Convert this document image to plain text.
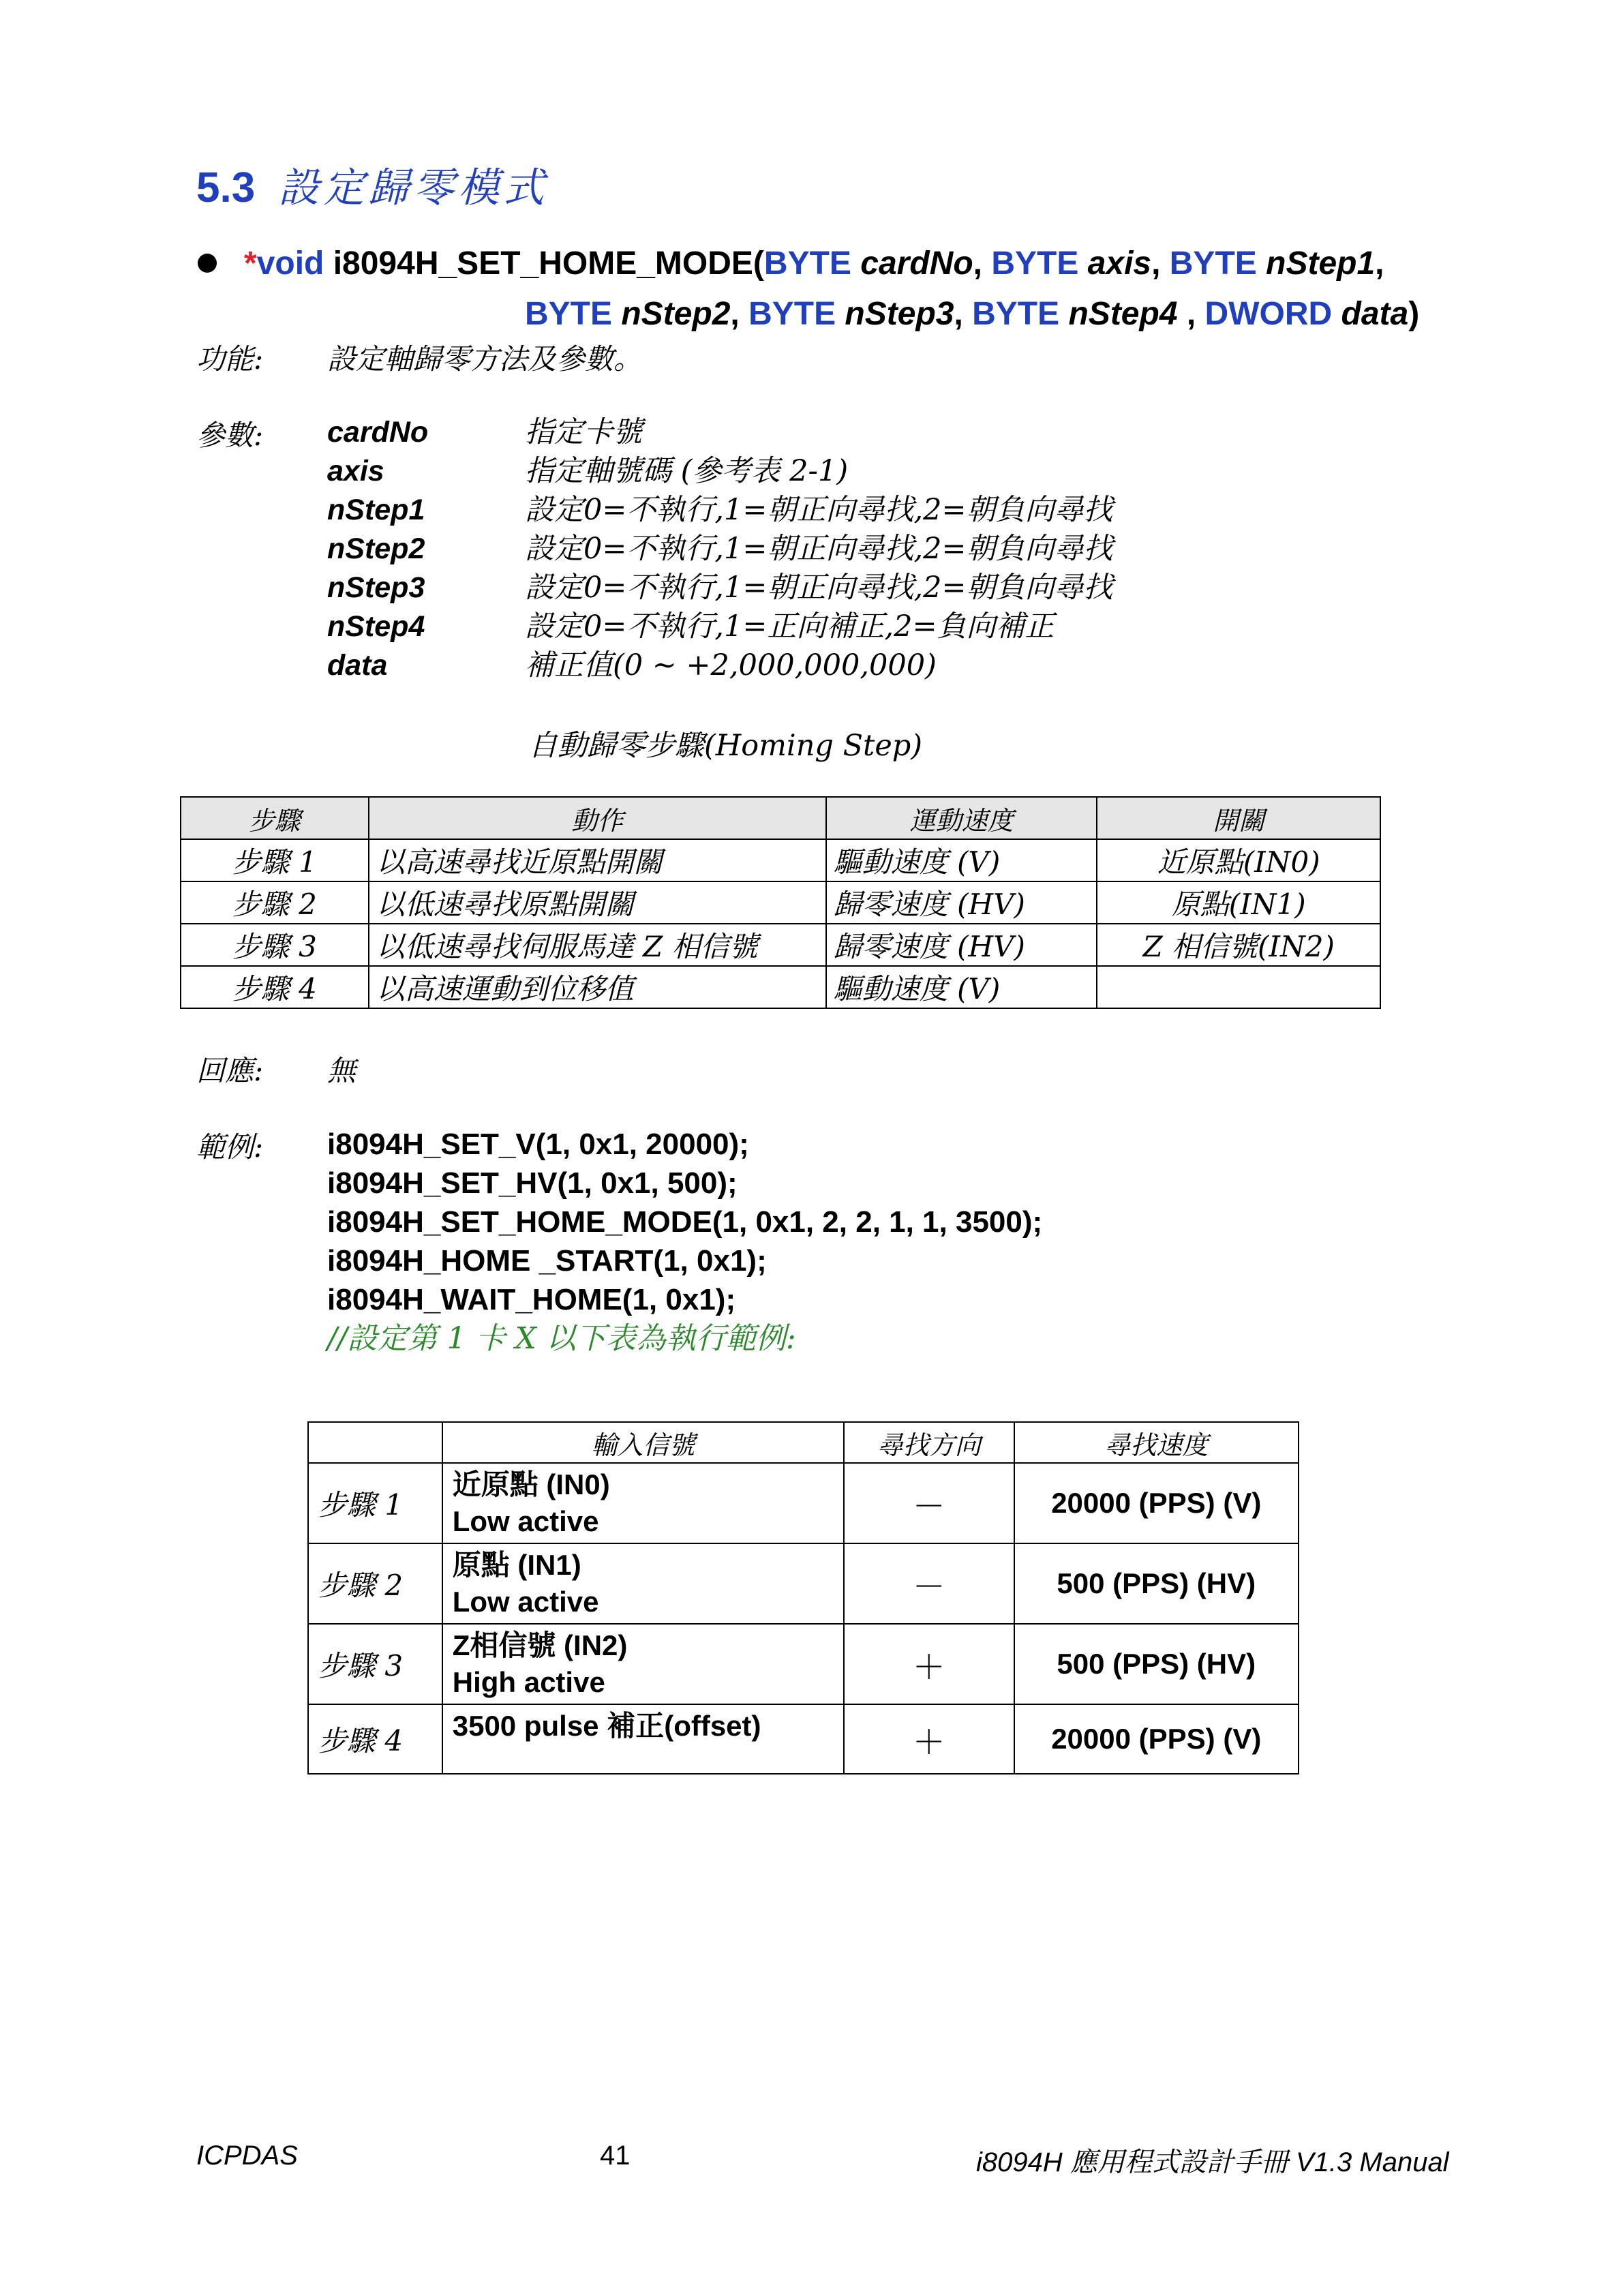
5.3 設定歸零模式
*void i8094H_SET_HOME_MODE(BYTE cardNo, BYTE axis, BYTE nStep1,
BYTE nStep2, BYTE nStep3, BYTE nStep4 , DWORD data)
功能: 設定軸歸零方法及參數。
參數: cardNo	指定卡號
axis	指定軸號碼 (參考表 2-1)
nStep1	設定0=不執行,1=朝正向尋找,2=朝負向尋找
nStep2	設定0=不執行,1=朝正向尋找,2=朝負向尋找
nStep3	設定0=不執行,1=朝正向尋找,2=朝負向尋找
nStep4	設定0=不執行,1=正向補正,2=負向補正
data	補正值(0 ~ +2,000,000,000)
自動歸零步驟(Homing Step)
步驟	動作	運動速度	開關
步驟 1	以高速尋找近原點開關	驅動速度 (V)	近原點(IN0)
步驟 2	以低速尋找原點開關	歸零速度 (HV)	原點(IN1)
步驟 3	以低速尋找伺服馬達 Z 相信號	歸零速度 (HV)	Z 相信號(IN2)
步驟 4	以高速運動到位移值	驅動速度 (V)	
回應: 無
範例: i8094H_SET_V(1, 0x1, 20000);
i8094H_SET_HV(1, 0x1, 500);
i8094H_SET_HOME_MODE(1, 0x1, 2, 2, 1, 1, 3500);
i8094H_HOME _START(1, 0x1);
i8094H_WAIT_HOME(1, 0x1);
//設定第 1 卡 X 以下表為執行範例:
	輸入信號	尋找方向	尋找速度
步驟 1	近原點 (IN0)
Low active	－	20000 (PPS) (V)
步驟 2	原點 (IN1)
Low active	－	500 (PPS) (HV)
步驟 3	Z相信號 (IN2)
High active	＋	500 (PPS) (HV)
步驟 4	3500 pulse 補正(offset)	＋	20000 (PPS) (V)
ICPDAS	41	i8094H 應用程式設計手冊 V1.3 Manual
